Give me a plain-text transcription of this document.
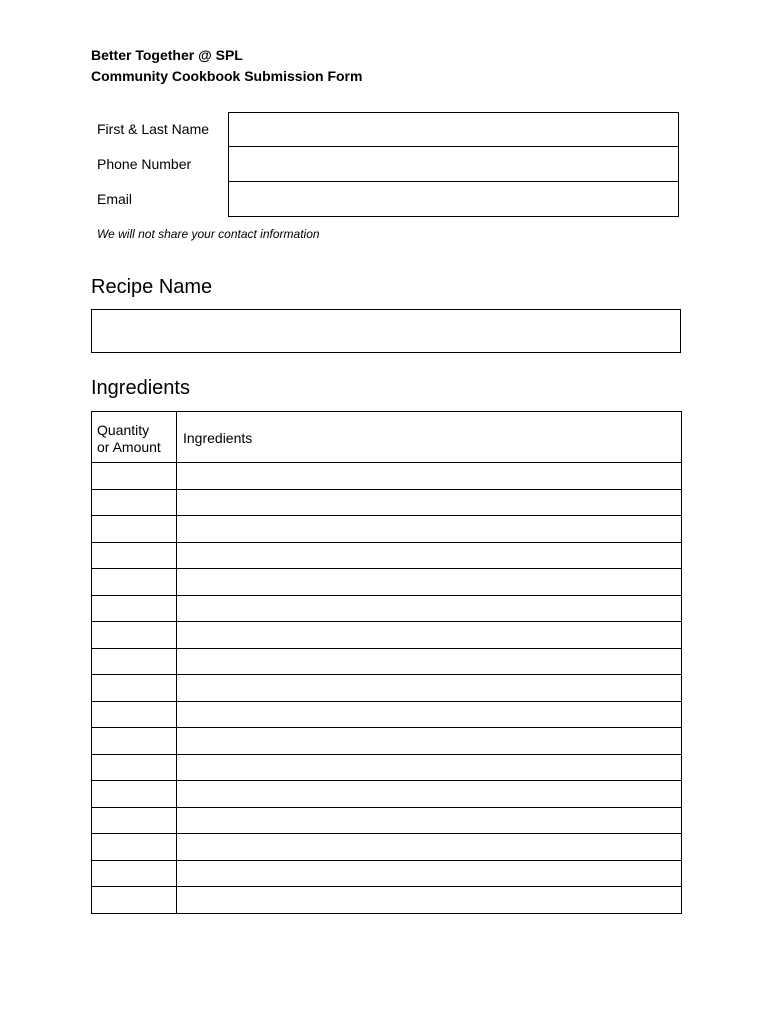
Better Together @ SPL
Community Cookbook Submission Form
First & Last Name
Phone Number
Email
We will not share your contact information
Recipe Name
Ingredients
Quantity
or Amount	Ingredients
